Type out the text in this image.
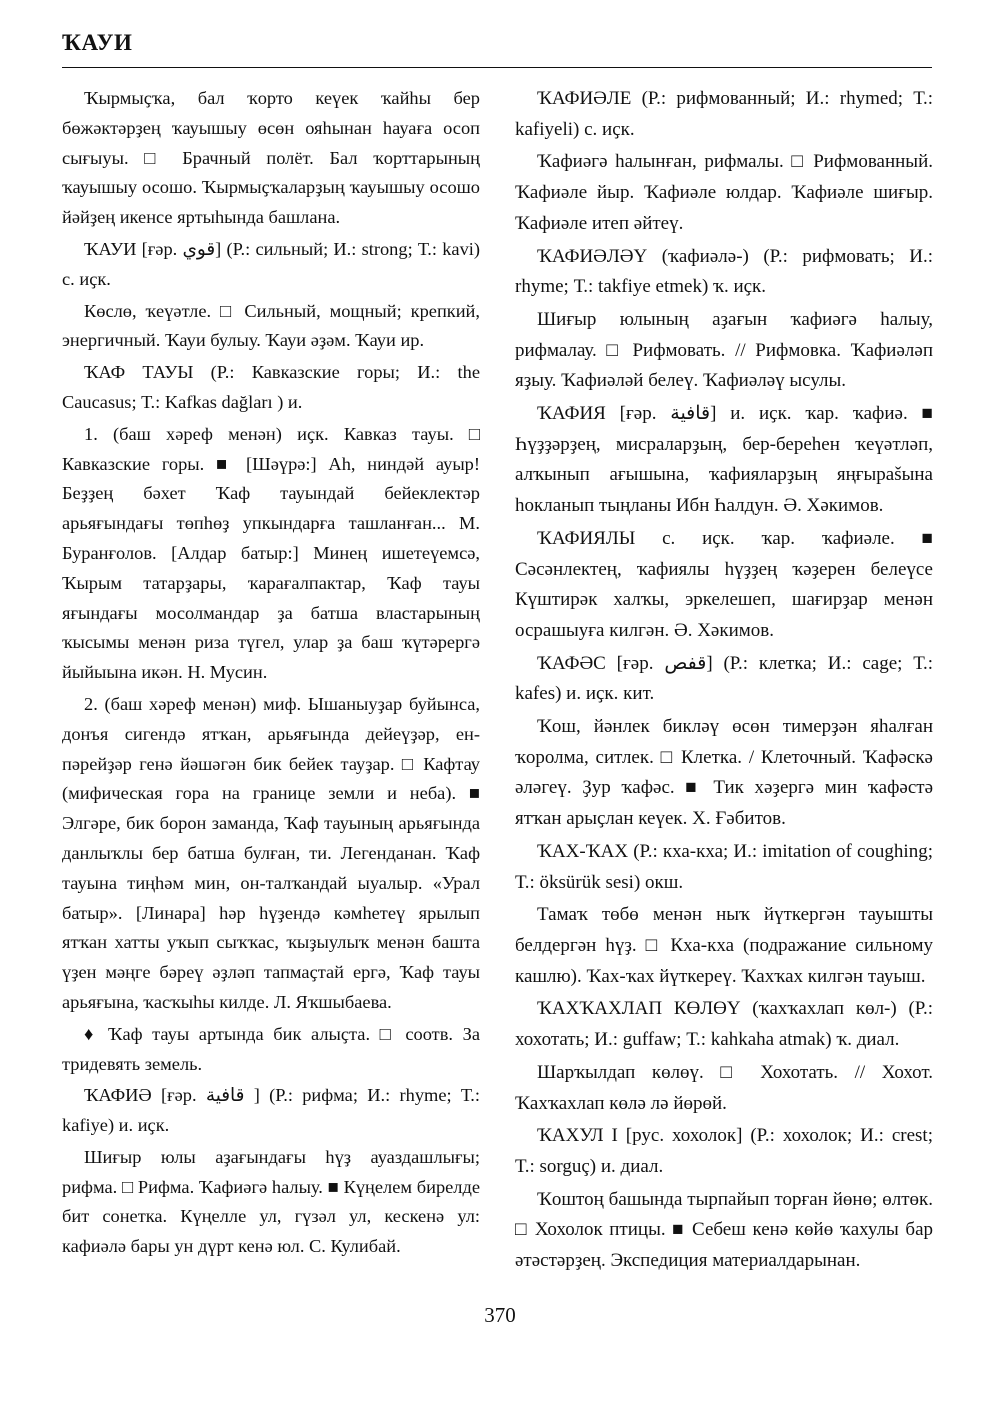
ҠАУИ

Ҡырмыҫҡа, бал ҡорто кеүек ҡайһы бер бөжәктәрҙең ҡауышыу өсөн ояһынан һауаға осоп сығыуы. □ Брачный полёт. Бал ҡорттарының ҡауышыу осошо. Ҡырмыҫҡаларҙың ҡауышыу осошо йәйҙең икенсе яртыһында башлана.

ҠАУИ [ғәр. قوي] (Р.: сильный; И.: strong; Т.: kavi) с. иҫк.

Көслө, ҡеүәтле. □ Сильный, мощный; крепкий, энергичный. Ҡауи булыу. Ҡауи әҙәм. Ҡауи ир.

ҠАФ ТАУЫ (Р.: Кавказские горы; И.: the Caucasus; Т.: Kafkas dağları ) и.

1. (баш хәреф менән) иҫк. Кавказ тауы. □ Кавказские горы. ■ [Шәүрә:] Аһ, ниндәй ауыр! Беҙҙең бәхет Ҡаф тауындай бейеклектәр арьяғындағы төпһөҙ упкындарға ташланған... М. Буранғолов. [Алдар батыр:] Минең ишетеүемсә, Ҡырым татарҙары, ҡарағалпактар, Ҡаф тауы яғындағы мосолмандар ҙа батша властарының ҡысымы менән риза түгел, улар ҙа баш ҡүтәрергә йыйыына икән. Н. Мусин.

2. (баш хәреф менән) миф. Ышаныуҙар буйынса, донъя сигендә ятҡан, арьяғында дейеүҙәр, ен-пәрейҙәр генә йәшәгән бик бейек тауҙар. □ Кафтау (мифическая гора на границе земли и неба). ■ Элгәре, бик борон заманда, Ҡаф тауының арьяғында данлыҡлы бер батша булған, ти. Легенданан. Ҡаф тауына тиңһәм мин, он-талҡандай ыуалыр. «Урал батыр». [Линара] һәр һүҙендә кәмһетеү ярылып ятҡан хатты уҡып сыҡҡас, ҡыҙыулыҡ менән башта үҙен мәңге бәреү әҙләп тапмаҫтай ергә, Ҡаф тауы арьяғына, ҡасҡыһы килде. Л. Яҡшыбаева.

♦ Ҡаф тауы артында бик алыҫта. □ соотв. За тридевять земель.

ҠАФИӘ [ғәр. قافية ] (Р.: рифма; И.: rhyme; Т.: kafiye) и. иҫк.

Шиғыр юлы аҙағындағы һүҙ ауаздашлығы; рифма. □ Рифма. Ҡафиәгә һалыу. ■ Күңелем бирелде бит сонетка. Күңелле ул, гүзәл ул, кескенә ул: кафиәлә бары ун дүрт кенә юл. С. Кулибай.

ҠАФИӘЛЕ (Р.: рифмованный; И.: rhymed; Т.: kafiyeli) с. иҫк.

Ҡафиәгә һалынған, рифмалы. □ Рифмованный. Ҡафиәле йыр. Ҡафиәле юлдар. Ҡафиәле шиғыр. Ҡафиәле итеп әйтеү.

ҠАФИӘЛӘҮ (ҡафиәлә-) (Р.: рифмовать; И.: rhyme; Т.: takfiye etmek) ҡ. иҫк.

Шиғыр юлының аҙағын ҡафиәгә һалыу, рифмалау. □ Рифмовать. // Рифмовка. Ҡафиәләп яҙыу. Ҡафиәләй белеү. Ҡафиәләү ысулы.

ҠАФИЯ [ғәр. قافية] и. иҫк. ҡар. ҡафиә. ■ Һүҙҙәрҙең, мисраларҙың, бер-береһен ҡеүәтләп, алҡынып ағышына, ҡафияларҙың яңғыраšына һокланып тыңланы Ибн Һалдун. Ә. Хәкимов.

ҠАФИЯЛЫ с. иҫк. ҡар. ҡафиәле. ■ Сәсәнлектең, ҡафиялы һүҙҙең ҡәҙерен белеүсе Күштирәк халҡы, эркелешеп, шағирҙар менән осрашыуға килгән. Ә. Хәкимов.

ҠАФӘС [ғәр. قفص] (Р.: клетка; И.: cage; Т.: kafes) и. иҫк. кит.

Ҡош, йәнлек бикләү өсөн тимерҙән яһалған ҡоролма, ситлек. □ Клетка. / Клеточный. Ҡафәскә әләгеү. Ҙур ҡафәс. ■ Тик хәҙергә мин ҡафәстә ятҡан арыҫлан кеүек. Х. Ғәбитов.

ҠАХ-ҠАХ (Р.: кха-кха; И.: imitation of coughing; Т.: öksürük sesi) окш.

Тамаҡ төбө менән ныҡ йүткергән тауышты белдергән һүҙ. □ Кха-кха (подражание сильному кашлю). Ҡах-ҡах йүткереү. Ҡахҡах килгән тауыш.

ҠАХҠАХЛАП КӨЛӨҮ (ҡахҡахлап көл-) (Р.: хохотать; И.: guffaw; Т.: kahkaha atmak) ҡ. диал.

Шарҡылдап көлөү. □ Хохотать. // Хохот. Ҡахҡахлап көлә лә йөрөй.

ҠАХУЛ I [рус. хохолок] (Р.: хохолок; И.: crest; Т.: sorguç) и. диал.

Ҡоштоң башында тырпайып торған йөнө; өлтөк. □ Хохолок птицы. ■ Себеш кенә көйө ҡахулы бар әтәстәрҙең. Экспедиция материалдарынан.

370
